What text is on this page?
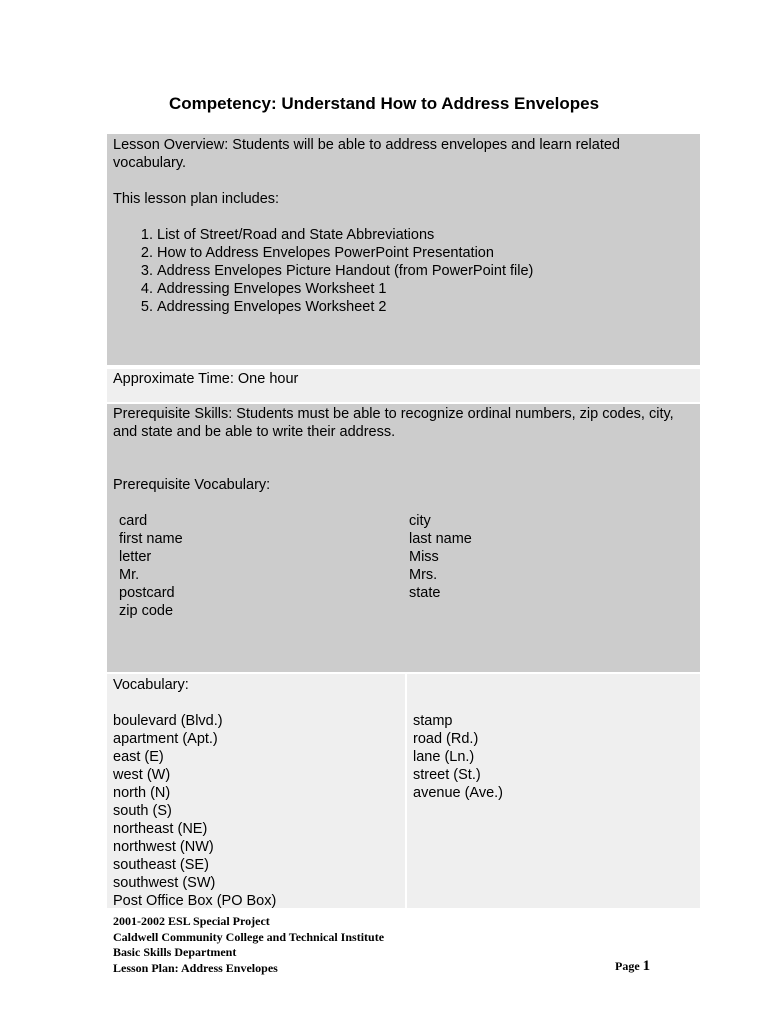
Competency: Understand How to Address Envelopes

Lesson Overview: Students will be able to address envelopes and learn related vocabulary.

This lesson plan includes:

1. List of Street/Road and State Abbreviations
2. How to Address Envelopes PowerPoint Presentation
3. Address Envelopes Picture Handout (from PowerPoint file)
4. Addressing Envelopes Worksheet 1
5. Addressing Envelopes Worksheet 2
Approximate Time: One hour

Prerequisite Skills: Students must be able to recognize ordinal numbers, zip codes, city, and state and be able to write their address.

Prerequisite Vocabulary:

card
first name
letter
Mr.
postcard
zip code
city
last name
Miss
Mrs.
state

Vocabulary:

boulevard (Blvd.)
apartment (Apt.)
east (E)
west (W)
north (N)
south (S)
northeast (NE)
northwest (NW)
southeast (SE)
southwest (SW)
Post Office Box (PO Box)
stamp
road (Rd.)
lane (Ln.)
street (St.)
avenue (Ave.)
2001-2002 ESL Special Project
Caldwell Community College and Technical Institute
Basic Skills Department
Lesson Plan: Address Envelopes	Page 1
